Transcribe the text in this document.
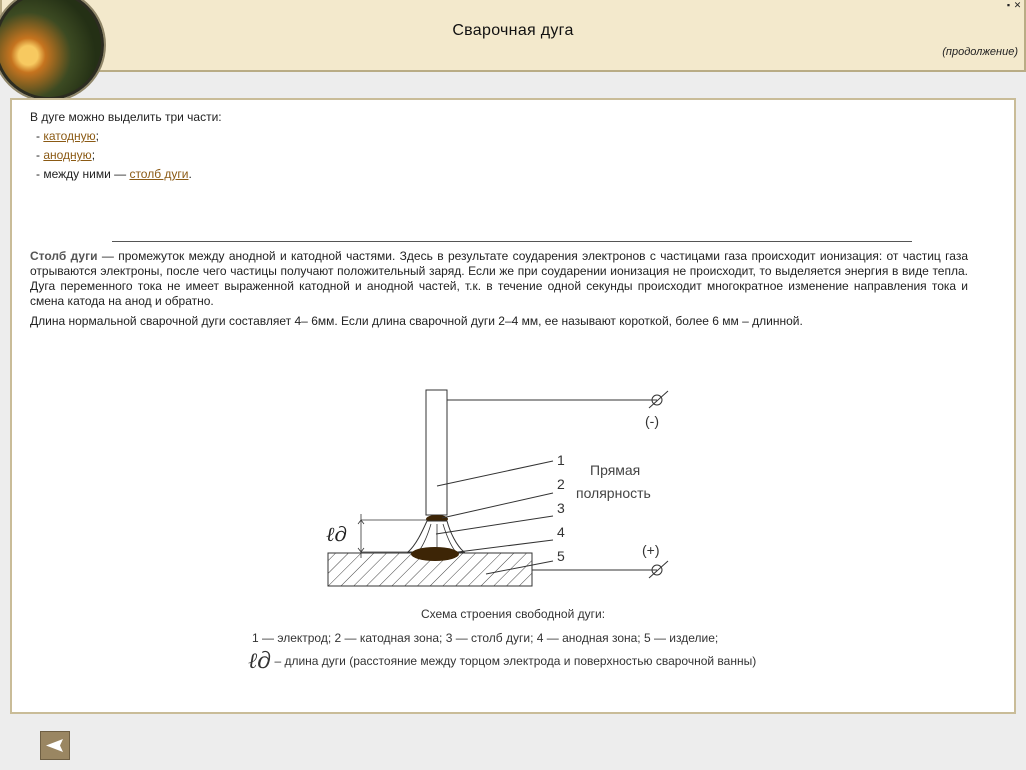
Сварочная дуга
(продолжение)
▪ ✕
В дуге можно выделить три части:
- катодную;
- анодную;
- между ними — столб дуги.
Столб дуги — промежуток между анодной и катодной частями. Здесь в результате соударения электронов с частицами газа происходит ионизация: от частиц газа отрываются электроны, после чего частицы получают положительный заряд. Если же при соударении ионизация не происходит, то выделяется энергия в виде тепла. Дуга переменного тока не имеет выраженной катодной и анодной частей, т.к. в течение одной секунды происходит многократное изменение направления тока и смена катода на анод и обратно.
Длина нормальной сварочной дуги составляет 4– 6мм. Если длина сварочной дуги 2–4 мм, ее называют короткой, более 6 мм – длинной.
ℓд
1
2
3
4
5
(-)
(+)
Прямая
полярность
Схема строения свободной дуги:
1 — электрод; 2 — катодная зона; 3 — столб дуги; 4 — анодная зона; 5 — изделие;
ℓд – длина дуги (расстояние между торцом электрода и поверхностью сварочной ванны)
